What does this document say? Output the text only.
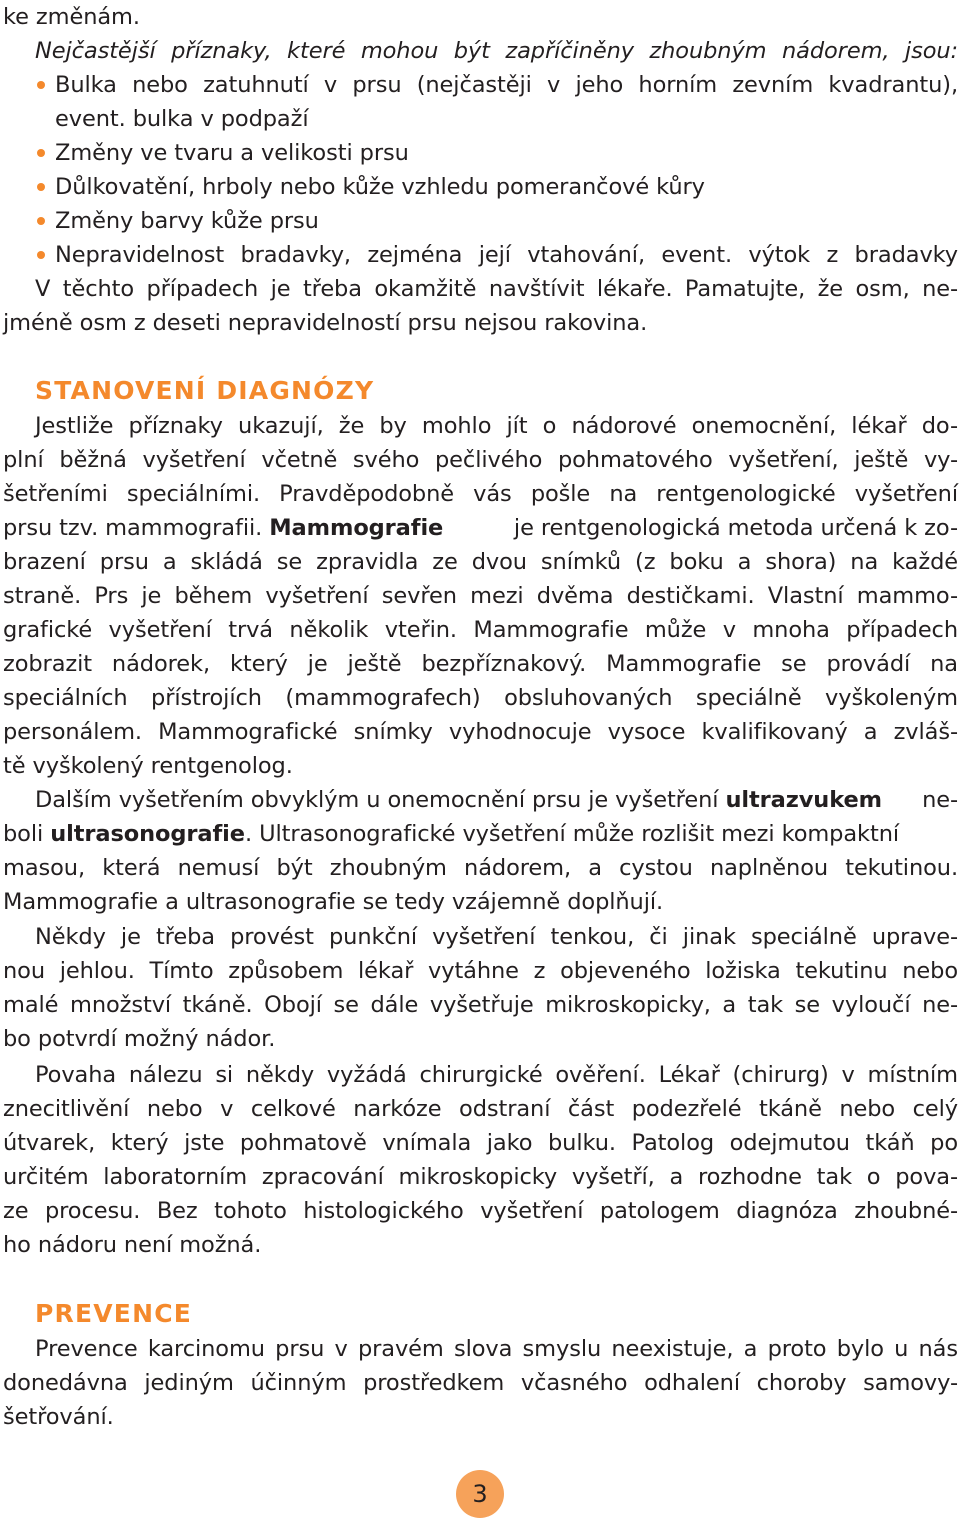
ke změnám.
Nejčastější příznaky, které mohou být zapříčiněny zhoubným nádorem, jsou:
Bulka nebo zatuhnutí v prsu (nejčastěji v jeho horním zevním kvadrantu),
event. bulka v podpaží
Změny ve tvaru a velikosti prsu
Důlkovatění, hrboly nebo kůže vzhledu pomerančové kůry
Změny barvy kůže prsu
Nepravidelnost bradavky, zejména její vtahování, event. výtok z bradavky
V těchto případech je třeba okamžitě navštívit lékaře. Pamatujte, že osm, ne-
jméně osm z deseti nepravidelností prsu nejsou rakovina.
STANOVENÍ DIAGNÓZY
Jestliže příznaky ukazují, že by mohlo jít o nádorové onemocnění, lékař do-
plní běžná vyšetření včetně svého pečlivého pohmatového vyšetření, ještě vy-
šetřeními speciálními. Pravděpodobně vás pošle na rentgenologické vyšetření
prsu tzv. mammografii. Mammografie	je rentgenologická metoda určená k zo-
brazení prsu a skládá se zpravidla ze dvou snímků (z boku a shora) na každé
straně. Prs je během vyšetření sevřen mezi dvěma destičkami. Vlastní mammo-
grafické vyšetření trvá několik vteřin. Mammografie může v mnoha případech
zobrazit nádorek, který je ještě bezpříznakový. Mammografie se provádí na
speciálních přístrojích (mammografech) obsluhovaných speciálně vyškoleným
personálem. Mammografické snímky vyhodnocuje vysoce kvalifikovaný a zvláš-
tě vyškolený rentgenolog.
Dalším vyšetřením obvyklým u onemocnění prsu je vyšetření ultrazvukem ne-
boli ultrasonografie. Ultrasonografické vyšetření může rozlišit mezi kompaktní
masou, která nemusí být zhoubným nádorem, a cystou naplněnou tekutinou.
Mammografie a ultrasonografie se tedy vzájemně doplňují.
Někdy je třeba provést punkční vyšetření tenkou, či jinak speciálně uprave-
nou jehlou. Tímto způsobem lékař vytáhne z objeveného ložiska tekutinu nebo
malé množství tkáně. Obojí se dále vyšetřuje mikroskopicky, a tak se vyloučí ne-
bo potvrdí možný nádor.
Povaha nálezu si někdy vyžádá chirurgické ověření. Lékař (chirurg) v místním
znecitlivění nebo v celkové narkóze odstraní část podezřelé tkáně nebo celý
útvarek, který jste pohmatově vnímala jako bulku. Patolog odejmutou tkáň po
určitém laboratorním zpracování mikroskopicky vyšetří, a rozhodne tak o pova-
ze procesu. Bez tohoto histologického vyšetření patologem diagnóza zhoubné-
ho nádoru není možná.
PREVENCE
Prevence karcinomu prsu v pravém slova smyslu neexistuje, a proto bylo u nás
donedávna jediným účinným prostředkem včasného odhalení choroby samovy-
šetřování.
3
